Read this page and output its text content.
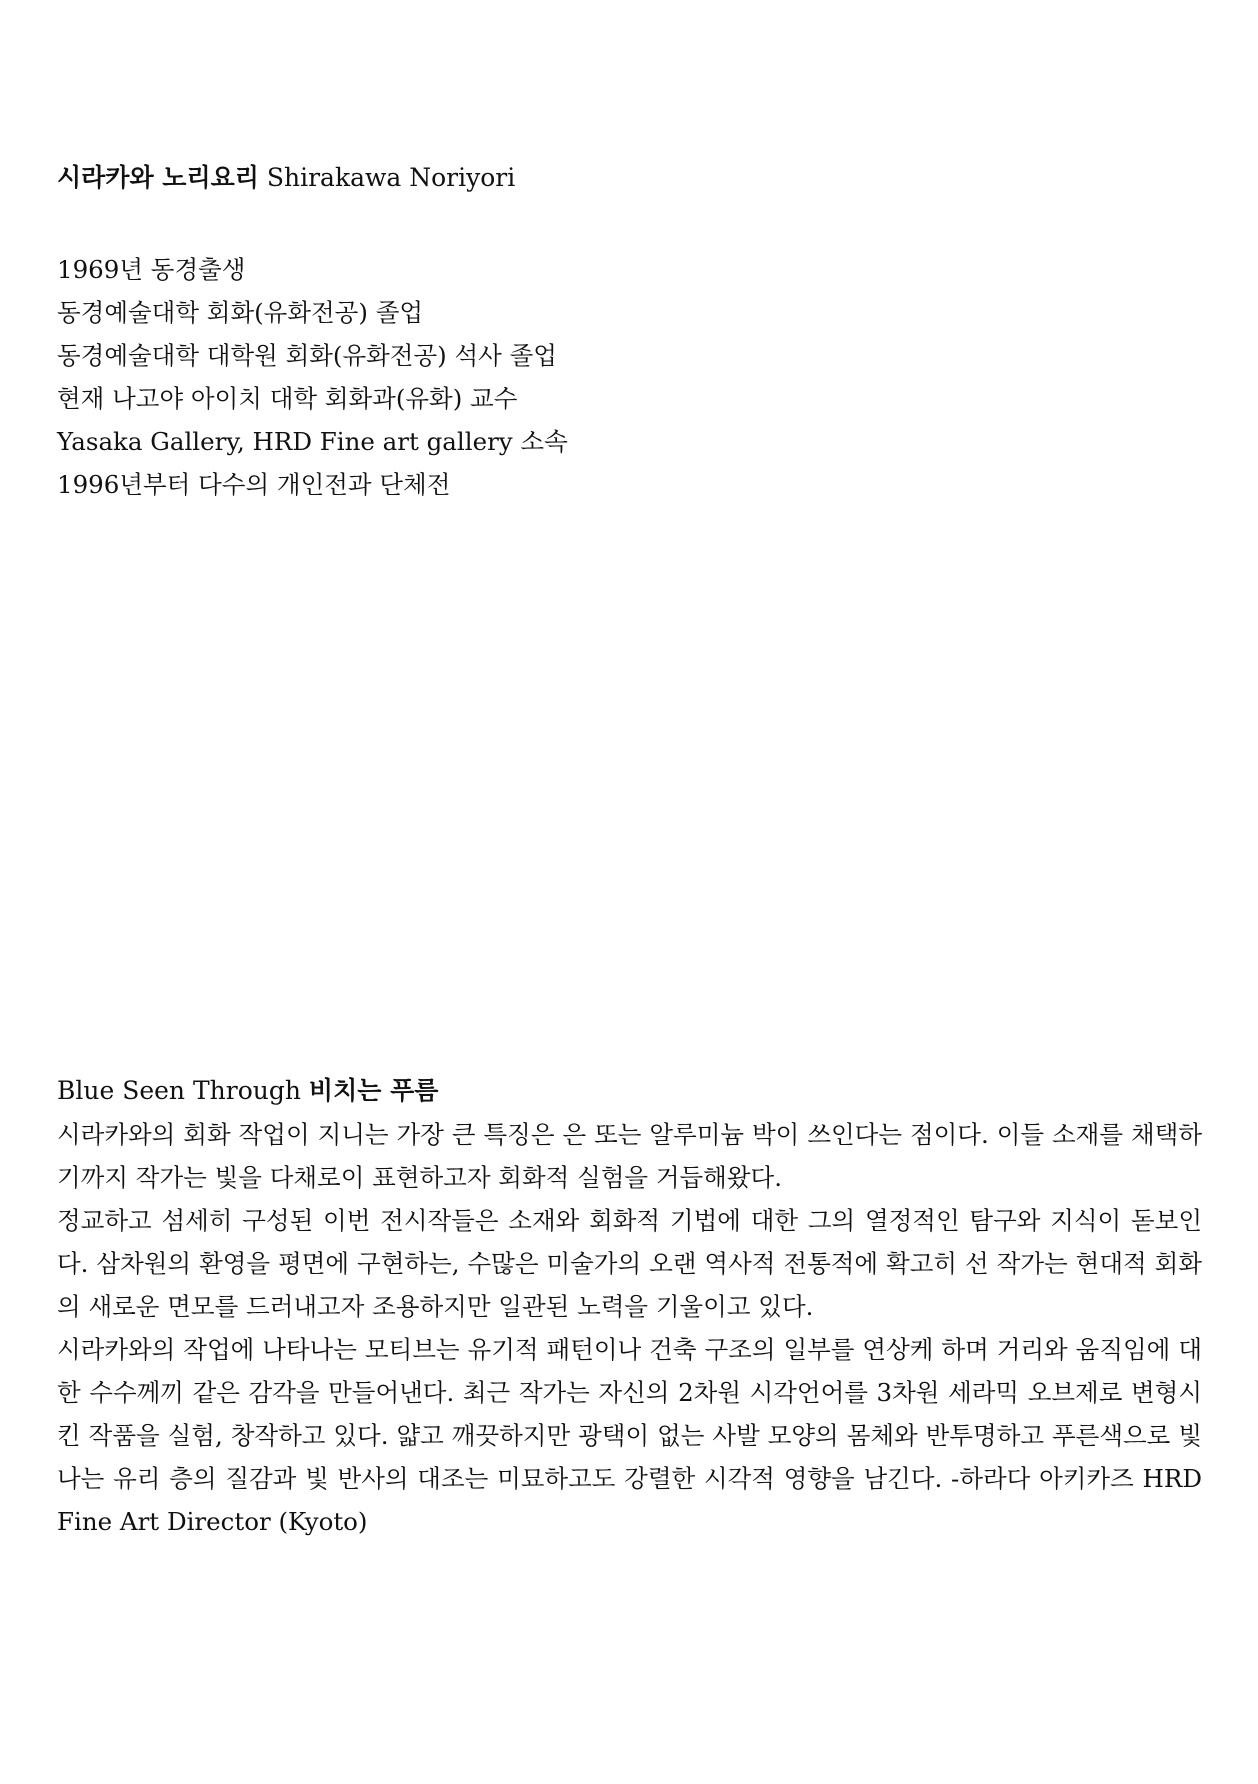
시라카와 노리요리 Shirakawa Noriyori
1969년 동경출생
동경예술대학 회화(유화전공) 졸업
동경예술대학 대학원 회화(유화전공) 석사 졸업
현재 나고야 아이치 대학 회화과(유화) 교수
Yasaka Gallery, HRD Fine art gallery 소속
1996년부터 다수의 개인전과 단체전
Blue Seen Through 비치는 푸름

시라카와의 회화 작업이 지니는 가장 큰 특징은 은 또는 알루미늄 박이 쓰인다는 점이다. 이들 소재를 채택하기까지 작가는 빛을 다채로이 표현하고자 회화적 실험을 거듭해왔다.

정교하고 섬세히 구성된 이번 전시작들은 소재와 회화적 기법에 대한 그의 열정적인 탐구와 지식이 돋보인다. 삼차원의 환영을 평면에 구현하는, 수많은 미술가의 오랜 역사적 전통적에 확고히 선 작가는 현대적 회화의 새로운 면모를 드러내고자 조용하지만 일관된 노력을 기울이고 있다.

시라카와의 작업에 나타나는 모티브는 유기적 패턴이나 건축 구조의 일부를 연상케 하며 거리와 움직임에 대한 수수께끼 같은 감각을 만들어낸다. 최근 작가는 자신의 2차원 시각언어를 3차원 세라믹 오브제로 변형시킨 작품을 실험, 창작하고 있다. 얇고 깨끗하지만 광택이 없는 사발 모양의 몸체와 반투명하고 푸른색으로 빛나는 유리 층의 질감과 빛 반사의 대조는 미묘하고도 강렬한 시각적 영향을 남긴다. -하라다 아키카즈 HRD Fine Art Director (Kyoto)
